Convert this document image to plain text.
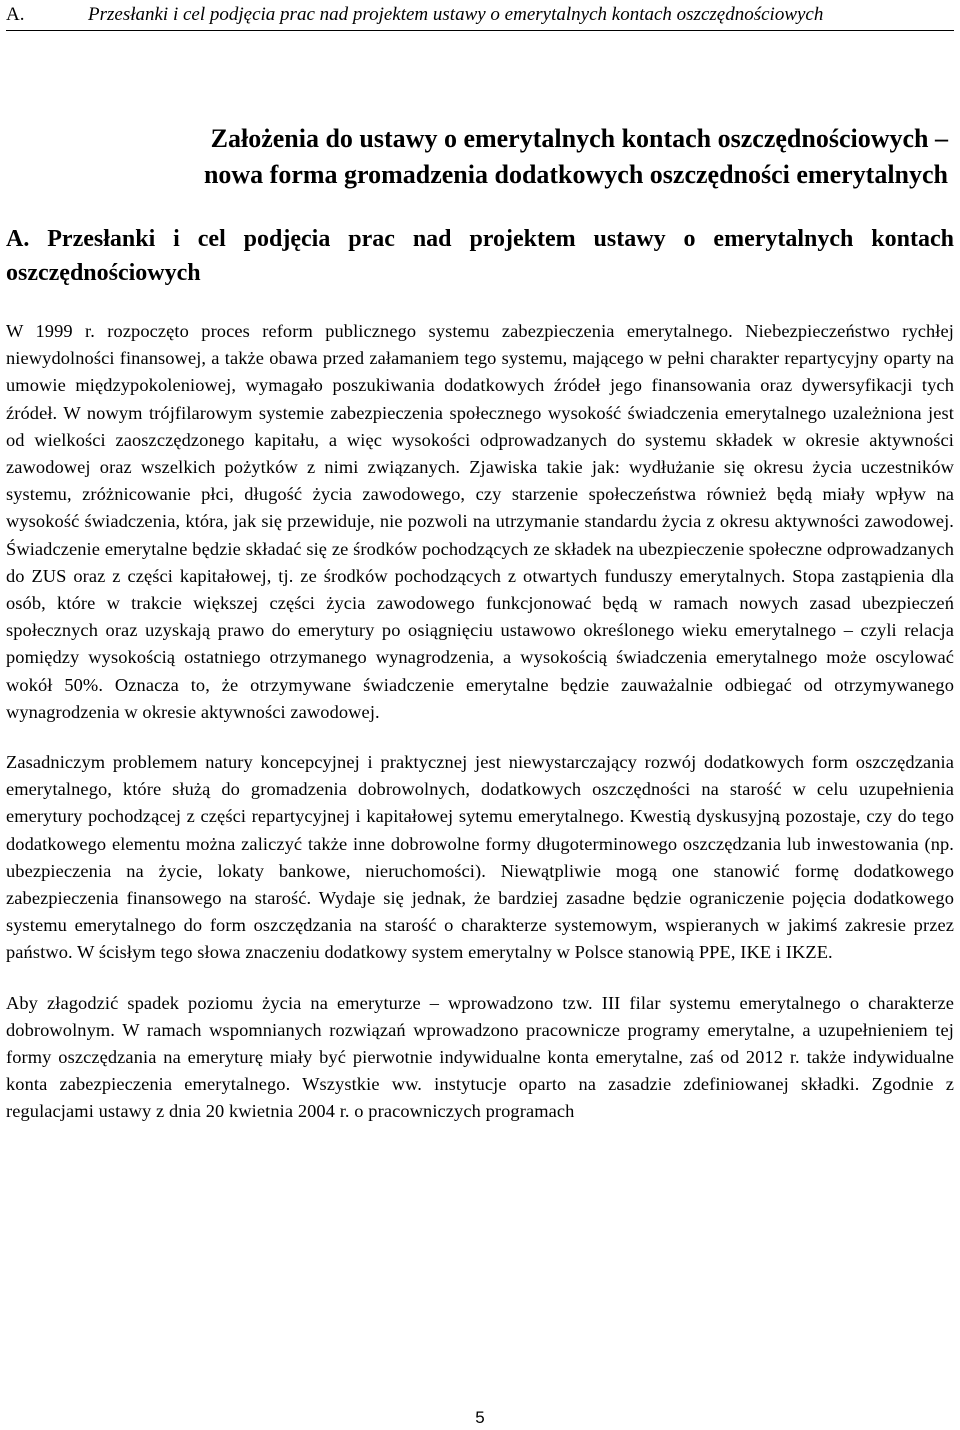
A.	Przesłanki i cel podjęcia prac nad projektem ustawy o emerytalnych kontach oszczędnościowych
Założenia do ustawy o emerytalnych kontach oszczędnościowych –
nowa forma gromadzenia dodatkowych oszczędności emerytalnych
A. Przesłanki i cel podjęcia prac nad projektem ustawy o emerytalnych kontach oszczędnościowych

W 1999 r. rozpoczęto proces reform publicznego systemu zabezpieczenia emerytalnego. Niebezpieczeństwo rychłej niewydolności finansowej, a także obawa przed załamaniem tego systemu, mającego w pełni charakter repartycyjny oparty na umowie międzypokoleniowej, wymagało poszukiwania dodatkowych źródeł jego finansowania oraz dywersyfikacji tych źródeł. W nowym trójfilarowym systemie zabezpieczenia społecznego wysokość świadczenia emerytalnego uzależniona jest od wielkości zaoszczędzonego kapitału, a więc wysokości odprowadzanych do systemu składek w okresie aktywności zawodowej oraz wszelkich pożytków z nimi związanych. Zjawiska takie jak: wydłużanie się okresu życia uczestników systemu, zróżnicowanie płci, długość życia zawodowego, czy starzenie społeczeństwa również będą miały wpływ na wysokość świadczenia, która, jak się przewiduje, nie pozwoli na utrzymanie standardu życia z okresu aktywności zawodowej. Świadczenie emerytalne będzie składać się ze środków pochodzących ze składek na ubezpieczenie społeczne odprowadzanych do ZUS oraz z części kapitałowej, tj. ze środków pochodzących z otwartych funduszy emerytalnych. Stopa zastąpienia dla osób, które w trakcie większej części życia zawodowego funkcjonować będą w ramach nowych zasad ubezpieczeń społecznych oraz uzyskają prawo do emerytury po osiągnięciu ustawowo określonego wieku emerytalnego – czyli relacja pomiędzy wysokością ostatniego otrzymanego wynagrodzenia, a wysokością świadczenia emerytalnego może oscylować wokół 50%. Oznacza to, że otrzymywane świadczenie emerytalne będzie zauważalnie odbiegać od otrzymywanego wynagrodzenia w okresie aktywności zawodowej.

Zasadniczym problemem natury koncepcyjnej i praktycznej jest niewystarczający rozwój dodatkowych form oszczędzania emerytalnego, które służą do gromadzenia dobrowolnych, dodatkowych oszczędności na starość w celu uzupełnienia emerytury pochodzącej z części repartycyjnej i kapitałowej sytemu emerytalnego. Kwestią dyskusyjną pozostaje, czy do tego dodatkowego elementu można zaliczyć także inne dobrowolne formy długoterminowego oszczędzania lub inwestowania (np. ubezpieczenia na życie, lokaty bankowe, nieruchomości). Niewątpliwie mogą one stanowić formę dodatkowego zabezpieczenia finansowego na starość. Wydaje się jednak, że bardziej zasadne będzie ograniczenie pojęcia dodatkowego systemu emerytalnego do form oszczędzania na starość o charakterze systemowym, wspieranych w jakimś zakresie przez państwo. W ścisłym tego słowa znaczeniu dodatkowy system emerytalny w Polsce stanowią PPE, IKE i IKZE.

Aby złagodzić spadek poziomu życia na emeryturze – wprowadzono tzw. III filar systemu emerytalnego o charakterze dobrowolnym. W ramach wspomnianych rozwiązań wprowadzono pracownicze programy emerytalne, a uzupełnieniem tej formy oszczędzania na emeryturę miały być pierwotnie indywidualne konta emerytalne, zaś od 2012 r. także indywidualne konta zabezpieczenia emerytalnego. Wszystkie ww. instytucje oparto na zasadzie zdefiniowanej składki. Zgodnie z regulacjami ustawy z dnia 20 kwietnia 2004 r. o pracowniczych programach

5
